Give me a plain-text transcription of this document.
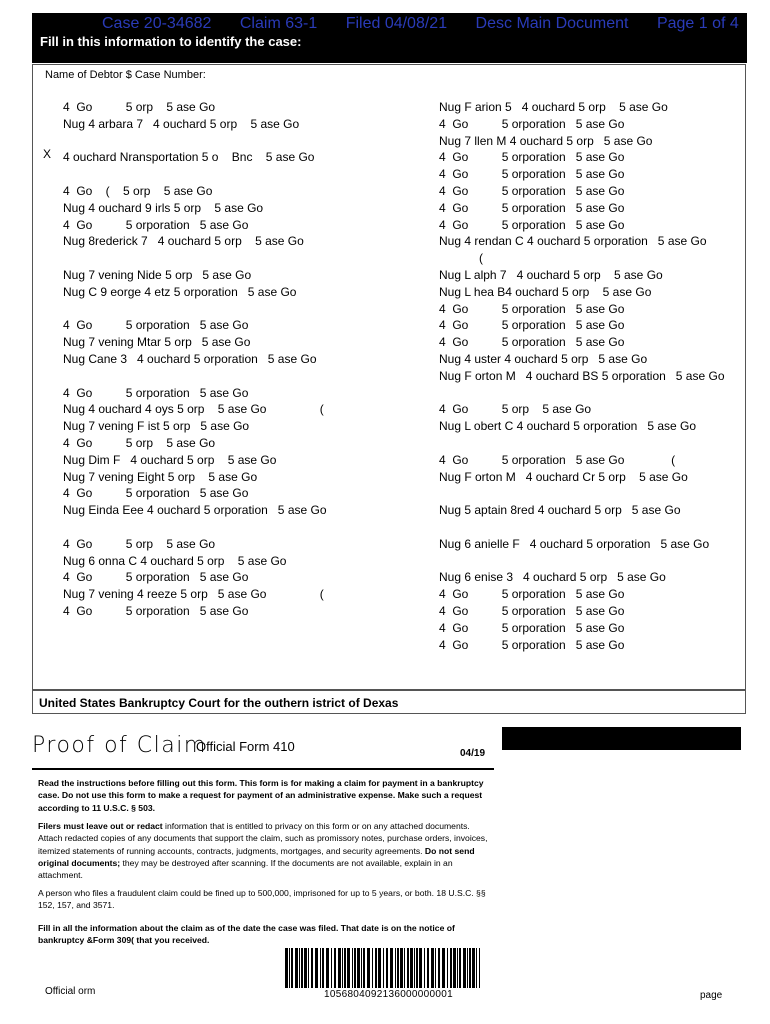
Case 20-34682 Claim 63-1 Filed 04/08/21 Desc Main Document Page 1 of 4
Fill in this information to identify the case:
Name of Debtor $ Case Number:
X
4  Go          5 orp    5 ase Go
Nug 4 arbara 7   4 ouchard 5 orp    5 ase Go
4 ouchard Nransportation 5 o    Bnc    5 ase Go
4  Go    (    5 orp    5 ase Go
Nug 4 ouchard 9 irls 5 orp    5 ase Go
4  Go          5 orporation   5 ase Go
Nug 8rederick 7   4 ouchard 5 orp    5 ase Go
Nug 7 vening Nide 5 orp   5 ase Go
Nug C 9 eorge 4 etz 5 orporation   5 ase Go
4  Go          5 orporation   5 ase Go
Nug 7 vening Mtar 5 orp   5 ase Go
Nug Cane 3   4 ouchard 5 orporation   5 ase Go
4  Go          5 orporation   5 ase Go
Nug 4 ouchard 4 oys 5 orp    5 ase Go                (
Nug 7 vening F ist 5 orp   5 ase Go
4  Go          5 orp    5 ase Go
Nug Dim F   4 ouchard 5 orp    5 ase Go
Nug 7 vening Eight 5 orp    5 ase Go
4  Go          5 orporation   5 ase Go
Nug Einda Eee 4 ouchard 5 orporation   5 ase Go
4  Go          5 orp    5 ase Go
Nug 6 onna C 4 ouchard 5 orp    5 ase Go
4  Go          5 orporation   5 ase Go
Nug 7 vening 4 reeze 5 orp   5 ase Go                (
4  Go          5 orporation   5 ase Go
Nug F arion 5   4 ouchard 5 orp    5 ase Go
4  Go          5 orporation   5 ase Go
Nug 7 llen M 4 ouchard 5 orp   5 ase Go
4  Go          5 orporation   5 ase Go
4  Go          5 orporation   5 ase Go
4  Go          5 orporation   5 ase Go
4  Go          5 orporation   5 ase Go
4  Go          5 orporation   5 ase Go
Nug 4 rendan C 4 ouchard 5 orporation   5 ase Go
(
Nug L alph 7   4 ouchard 5 orp    5 ase Go
Nug L hea B4 ouchard 5 orp    5 ase Go
4  Go          5 orporation   5 ase Go
4  Go          5 orporation   5 ase Go
4  Go          5 orporation   5 ase Go
Nug 4 uster 4 ouchard 5 orp   5 ase Go
Nug F orton M   4 ouchard BS 5 orporation   5 ase Go
4  Go          5 orp    5 ase Go
Nug L obert C 4 ouchard 5 orporation   5 ase Go
4  Go          5 orporation   5 ase Go              (
Nug F orton M   4 ouchard Cr 5 orp    5 ase Go
Nug 5 aptain 8red 4 ouchard 5 orp   5 ase Go
Nug 6 anielle F   4 ouchard 5 orporation   5 ase Go
Nug 6 enise 3   4 ouchard 5 orp   5 ase Go
4  Go          5 orporation   5 ase Go
4  Go          5 orporation   5 ase Go
4  Go          5 orporation   5 ase Go
4  Go          5 orporation   5 ase Go
United States Bankruptcy Court for the outhern istrict of Dexas
Proof of Claim
Official Form 410	04/19
Read the instructions before filling out this form. This form is for making a claim for payment in a bankruptcy case. Do not use this form to make a request for payment of an administrative expense. Make such a request according to 11 U.S.C. § 503.
Filers must leave out or redact information that is entitled to privacy on this form or on any attached documents. Attach redacted copies of any documents that support the claim, such as promissory notes, purchase orders, invoices, itemized statements of running accounts, contracts, judgments, mortgages, and security agreements. Do not send original documents; they may be destroyed after scanning. If the documents are not available, explain in an attachment.
A person who files a fraudulent claim could be fined up to 500,000, imprisoned for up to 5 years, or both. 18 U.S.C. §§ 152, 157, and 3571.
Fill in all the information about the claim as of the date the case was filed. That date is on the notice of bankruptcy &Form 309( that you received.
Official orm	1056804092136000000001	page
